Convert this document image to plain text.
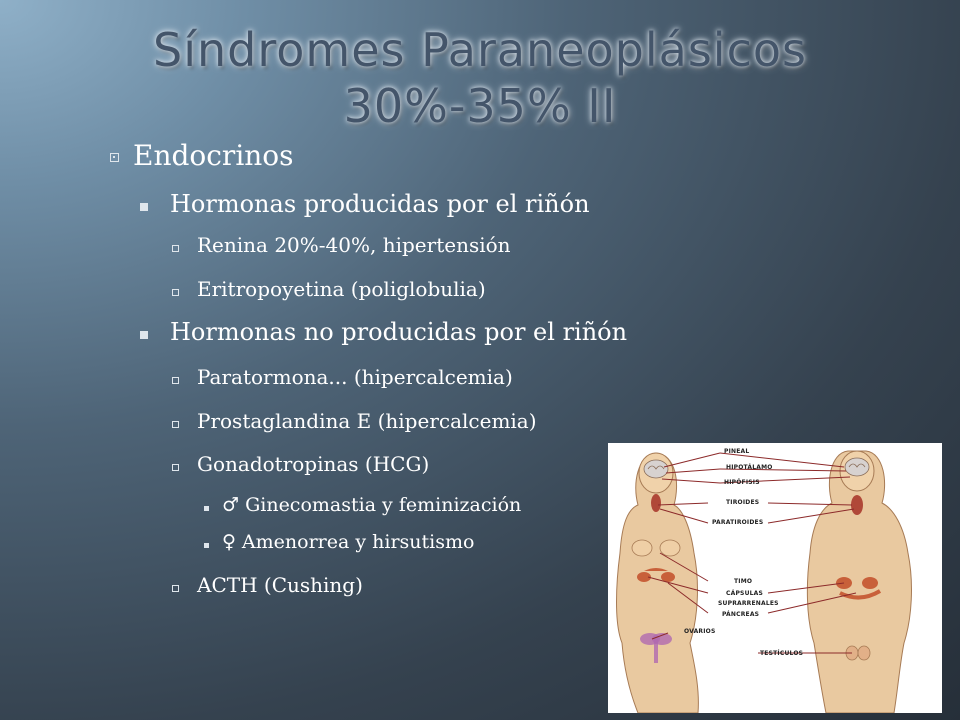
Síndromes Paraneoplásicos
30%-35% II
Endocrinos
Hormonas producidas por el riñón
Renina 20%-40%, hipertensión
Eritropoyetina (poliglobulia)
Hormonas no producidas por el riñón
Paratormona... (hipercalcemia)
Prostaglandina E (hipercalcemia)
Gonadotropinas (HCG)
♂ Ginecomastia y feminización
♀ Amenorrea y hirsutismo
ACTH (Cushing)
PINEAL
HIPOTÁLAMO
HIPÓFISIS
TIROIDES
PARATIROIDES
TIMO
CÁPSULAS
SUPRARRENALES
PÁNCREAS
OVARIOS
TESTÍCULOS
